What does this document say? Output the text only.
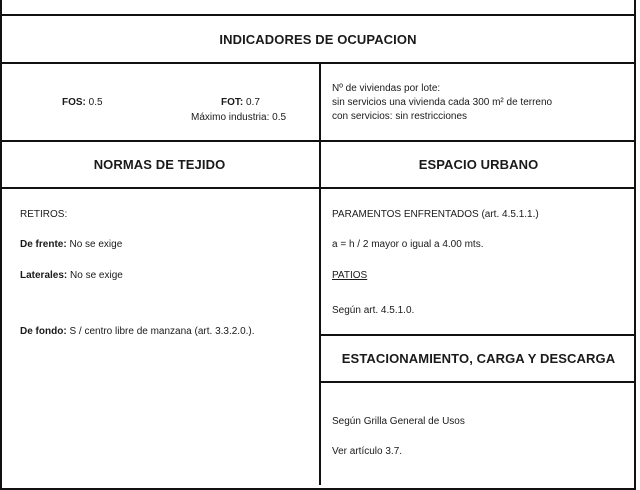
INDICADORES DE OCUPACION
FOS: 0.5	FOT: 0.7
Máximo industria: 0.5
Nº de viviendas por lote:
sin servicios una vivienda cada 300 m² de terreno
con servicios: sin restricciones
NORMAS DE TEJIDO	ESPACIO URBANO
RETIROS:
De frente: No se exige
Laterales: No se exige
De fondo: S / centro libre de manzana (art. 3.3.2.0.).
PARAMENTOS ENFRENTADOS (art. 4.5.1.1.)
a = h / 2 mayor o igual a 4.00 mts.
PATIOS
Según art. 4.5.1.0.
ESTACIONAMIENTO, CARGA Y DESCARGA
Según Grilla General de Usos
Ver artículo 3.7.
